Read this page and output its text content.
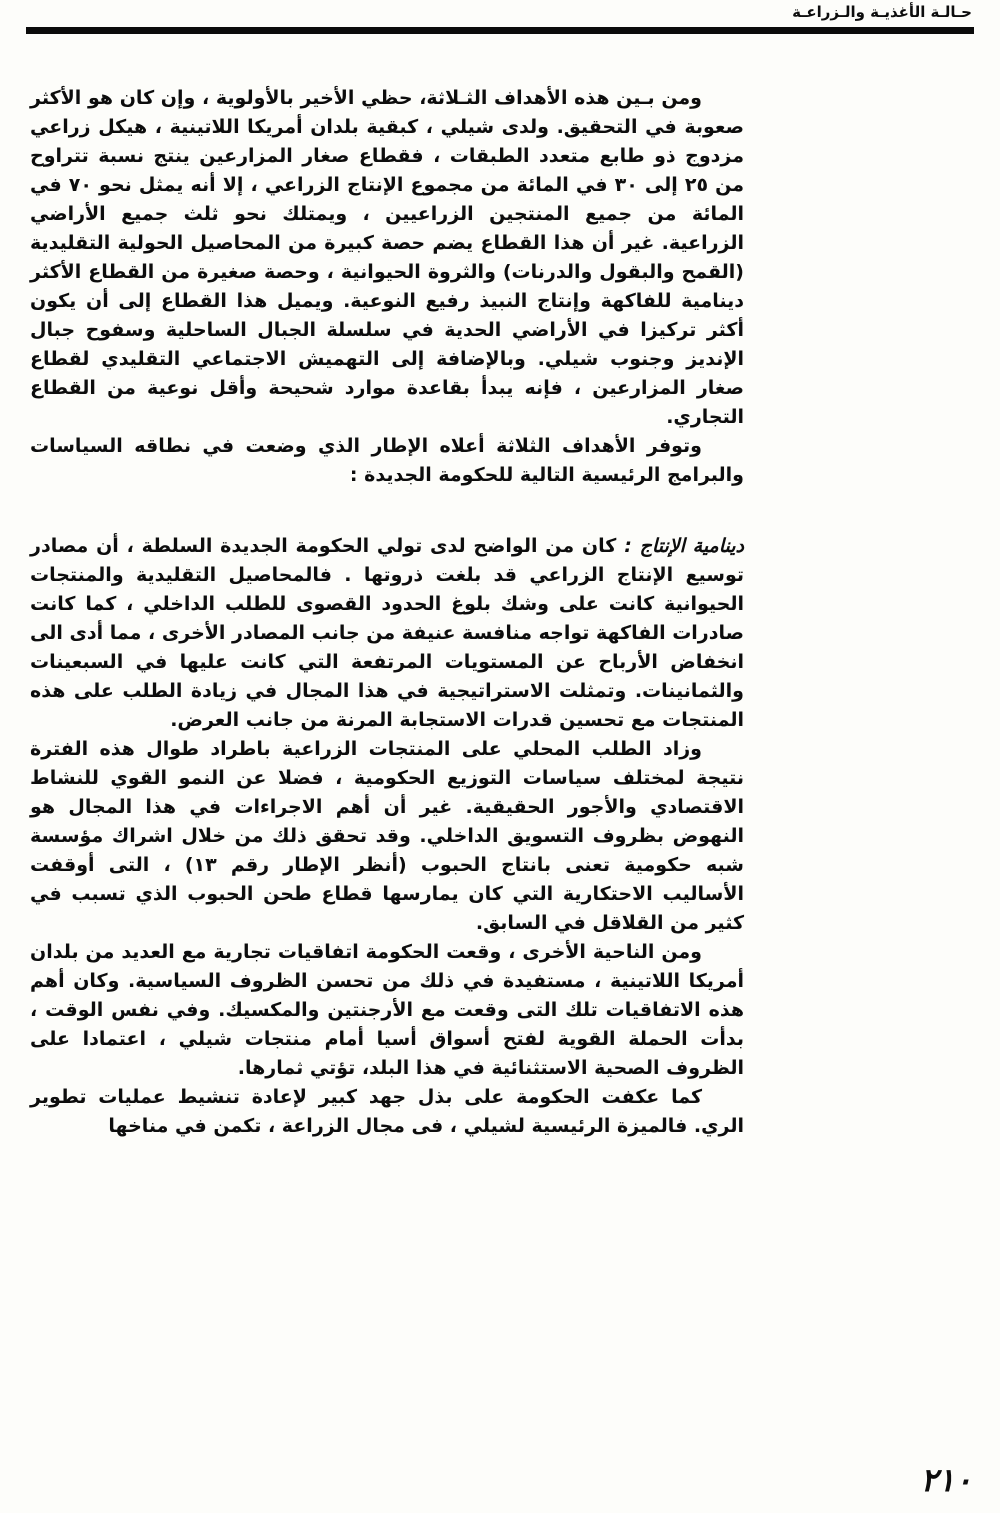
حـالـة الأغذيـة والـزراعـة

ومن بـين هذه الأهداف الثـلاثة، حظي الأخير بالأولوية ، وإن كان هو الأكثر صعوبة في التحقيق. ولدى شيلي ، كبقية بلدان أمريكا اللاتينية ، هيكل زراعي مزدوج ذو طابع متعدد الطبقات ، فقطاع صغار المزارعين ينتج نسبة تتراوح من ٢٥ إلى ٣٠ في المائة من مجموع الإنتاج الزراعي ، إلا أنه يمثل نحو ٧٠ في المائة من جميع المنتجين الزراعيين ، ويمتلك نحو ثلث جميع الأراضي الزراعية. غير أن هذا القطاع يضم حصة كبيرة من المحاصيل الحولية التقليدية (القمح والبقول والدرنات) والثروة الحيوانية ، وحصة صغيرة من القطاع الأكثر دينامية للفاكهة وإنتاج النبيذ رفيع النوعية. ويميل هذا القطاع إلى أن يكون أكثر تركيزا في الأراضي الحدية في سلسلة الجبال الساحلية وسفوح جبال الإنديز وجنوب شيلي. وبالإضافة إلى التهميش الاجتماعي التقليدي لقطاع صغار المزارعين ، فإنه يبدأ بقاعدة موارد شحيحة وأقل نوعية من القطاع التجاري.

وتوفر الأهداف الثلاثة أعلاه الإطار الذي وضعت في نطاقه السياسات والبرامج الرئيسية التالية للحكومة الجديدة :

دينامية الإنتاج :كان من الواضح لدى تولي الحكومة الجديدة السلطة ، أن مصادر توسيع الإنتاج الزراعي قد بلغت ذروتها . فالمحاصيل التقليدية والمنتجات الحيوانية كانت على وشك بلوغ الحدود القصوى للطلب الداخلي ، كما كانت صادرات الفاكهة تواجه منافسة عنيفة من جانب المصادر الأخرى ، مما أدى الى انخفاض الأرباح عن المستويات المرتفعة التي كانت عليها في السبعينات والثمانينات. وتمثلت الاستراتيجية في هذا المجال في زيادة الطلب على هذه المنتجات مع تحسين قدرات الاستجابة المرنة من جانب العرض.

وزاد الطلب المحلي على المنتجات الزراعية باطراد طوال هذه الفترة نتيجة لمختلف سياسات التوزيع الحكومية ، فضلا عن النمو القوي للنشاط الاقتصادي والأجور الحقيقية. غير أن أهم الاجراءات في هذا المجال هو النهوض بظروف التسويق الداخلي. وقد تحقق ذلك من خلال اشراك مؤسسة شبه حكومية تعنى بانتاج الحبوب (أنظر الإطار رقم ١٣) ، التى أوقفت الأساليب الاحتكارية التي كان يمارسها قطاع طحن الحبوب الذي تسبب في كثير من القلاقل في السابق.

ومن الناحية الأخرى ، وقعت الحكومة اتفاقيات تجارية مع العديد من بلدان أمريكا اللاتينية ، مستفيدة في ذلك من تحسن الظروف السياسية. وكان أهم هذه الاتفاقيات تلك التى وقعت مع الأرجنتين والمكسيك. وفي نفس الوقت ، بدأت الحملة القوية لفتح أسواق أسيا أمام منتجات شيلي ، اعتمادا على الظروف الصحية الاستثنائية في هذا البلد، تؤتي ثمارها.

كما عكفت الحكومة على بذل جهد كبير لإعادة تنشيط عمليات تطوير الري. فالميزة الرئيسية لشيلي ، فى مجال الزراعة ، تكمن في مناخها

٢١٠
